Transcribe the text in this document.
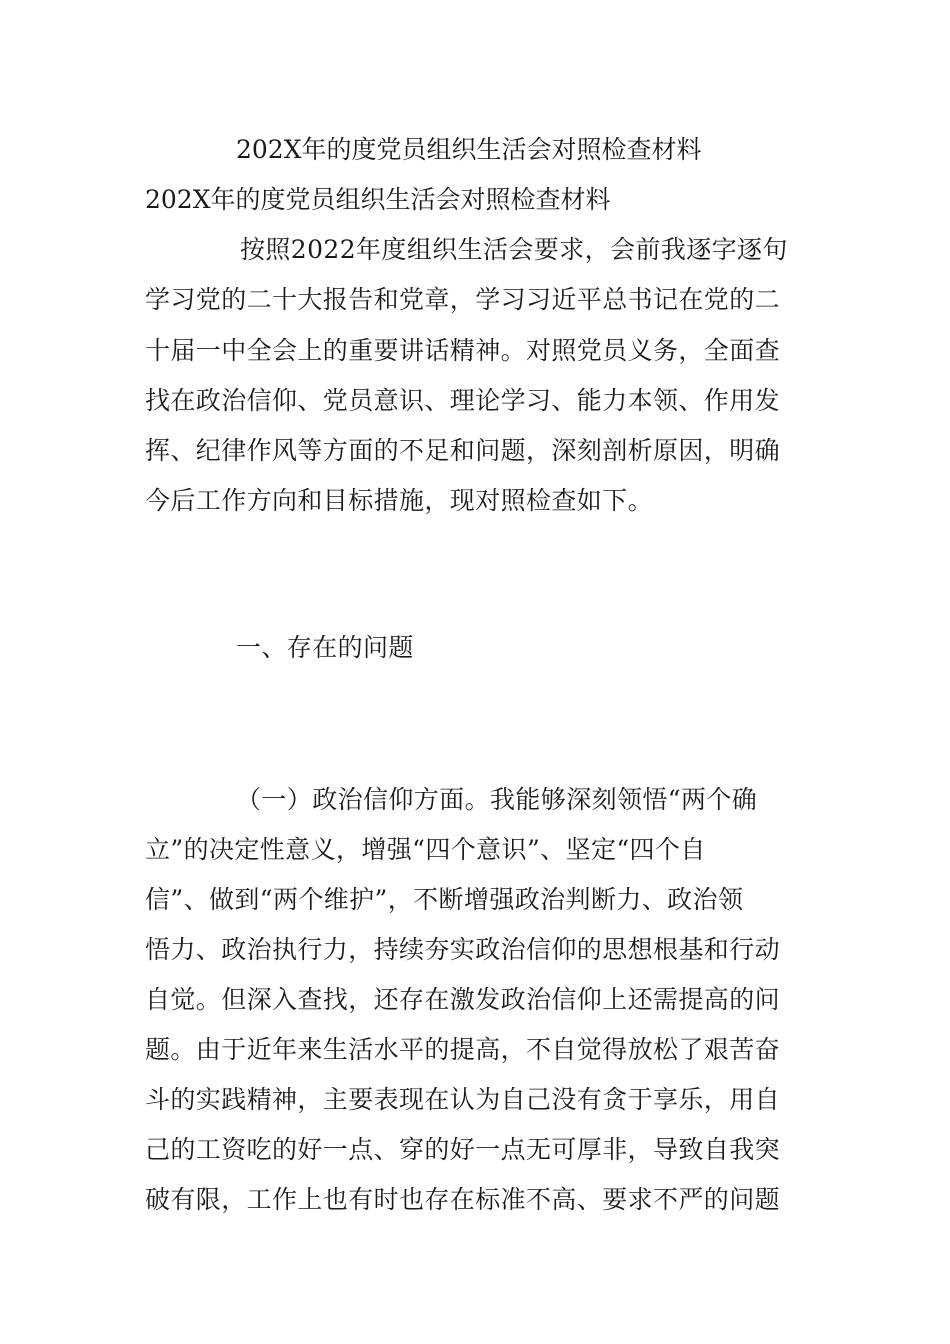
202X年的度党员组织生活会对照检查材料
202X年的度党员组织生活会对照检查材料
按照2022年度组织生活会要求，会前我逐字逐句
学习党的二十大报告和党章，学习习近平总书记在党的二
十届一中全会上的重要讲话精神。对照党员义务，全面查
找在政治信仰、党员意识、理论学习、能力本领、作用发
挥、纪律作风等方面的不足和问题，深刻剖析原因，明确
今后工作方向和目标措施，现对照检查如下。
一、存在的问题
（一）政治信仰方面。我能够深刻领悟“两个确
立”的决定性意义，增强“四个意识”、坚定“四个自
信”、做到“两个维护”，不断增强政治判断力、政治领
悟力、政治执行力，持续夯实政治信仰的思想根基和行动
自觉。但深入查找，还存在激发政治信仰上还需提高的问
题。由于近年来生活水平的提高，不自觉得放松了艰苦奋
斗的实践精神，主要表现在认为自己没有贪于享乐，用自
己的工资吃的好一点、穿的好一点无可厚非，导致自我突
破有限，工作上也有时也存在标准不高、要求不严的问题
